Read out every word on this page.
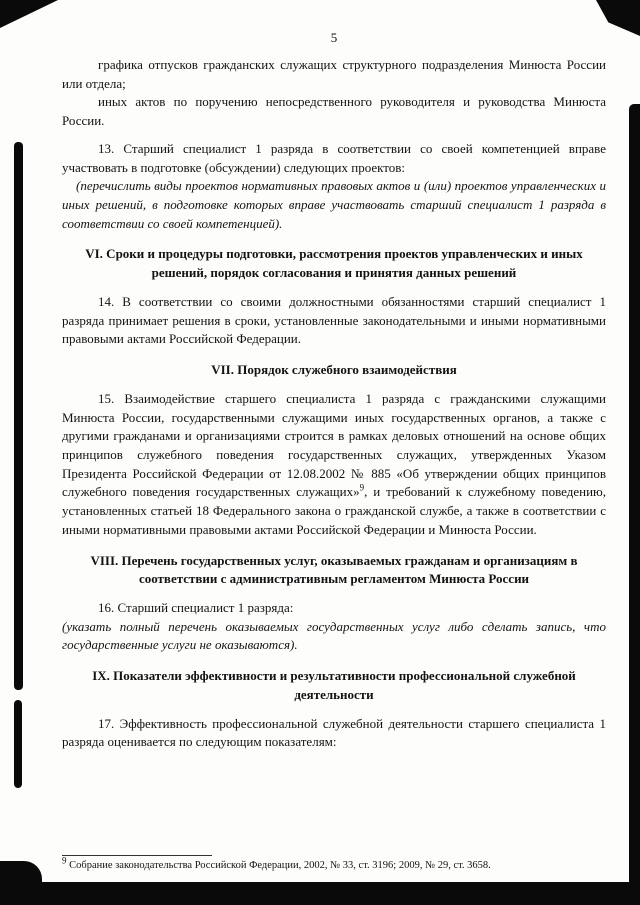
5

графика отпусков гражданских служащих структурного подразделения Минюста России или отдела;

иных актов по поручению непосредственного руководителя и руководства Минюста России.

13. Старший специалист 1 разряда в соответствии со своей компетенцией вправе участвовать в подготовке (обсуждении) следующих проектов:

(перечислить виды проектов нормативных правовых актов и (или) проектов управленческих и иных решений, в подготовке которых вправе участвовать старший специалист 1 разряда в соответствии со своей компетенцией).

VI. Сроки и процедуры подготовки, рассмотрения проектов управленческих и иных решений, порядок согласования и принятия данных решений

14. В соответствии со своими должностными обязанностями старший специалист 1 разряда принимает решения в сроки, установленные законодательными и иными нормативными правовыми актами Российской Федерации.

VII. Порядок служебного взаимодействия

15. Взаимодействие старшего специалиста 1 разряда с гражданскими служащими Минюста России, государственными служащими иных государственных органов, а также с другими гражданами и организациями строится в рамках деловых отношений на основе общих принципов служебного поведения государственных служащих, утвержденных Указом Президента Российской Федерации от 12.08.2002 № 885 «Об утверждении общих принципов служебного поведения государственных служащих»$^9$, и требований к служебному поведению, установленных статьей 18 Федерального закона о гражданской службе, а также в соответствии с иными нормативными правовыми актами Российской Федерации и Минюста России.

VIII. Перечень государственных услуг, оказываемых гражданам и организациям в соответствии с административным регламентом Минюста России

16. Старший специалист 1 разряда:

(указать полный перечень оказываемых государственных услуг либо сделать запись, что государственные услуги не оказываются).

IX. Показатели эффективности и результативности профессиональной служебной деятельности

17. Эффективность профессиональной служебной деятельности старшего специалиста 1 разряда оценивается по следующим показателям:

$^9$ Собрание законодательства Российской Федерации, 2002, № 33, ст. 3196; 2009, № 29, ст. 3658.
